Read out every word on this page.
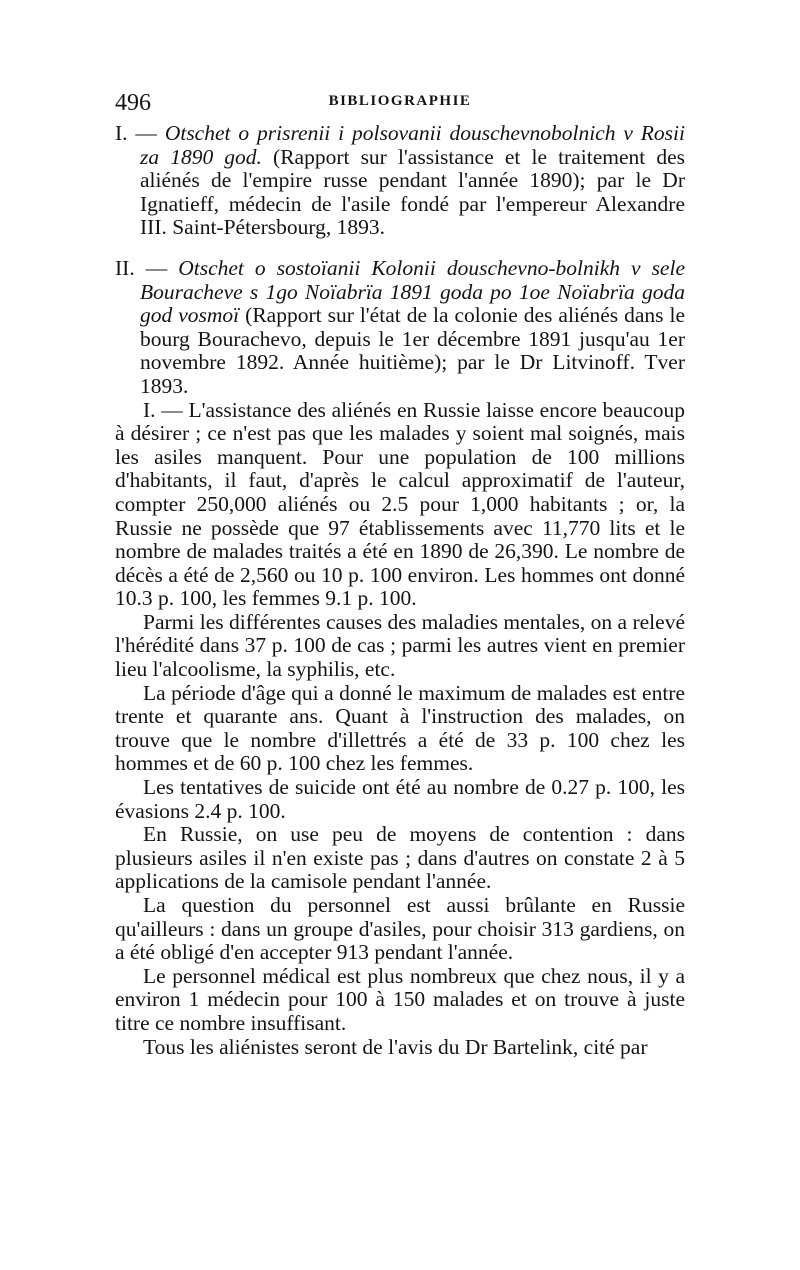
496	BIBLIOGRAPHIE

I. — Otschet o prisrenii i polsovanii douschevnobolnich v Rosii za 1890 god. (Rapport sur l'assistance et le traitement des aliénés de l'empire russe pendant l'année 1890); par le Dr Ignatieff, médecin de l'asile fondé par l'empereur Alexandre III. Saint-Pétersbourg, 1893.

II. — Otschet o sostoïanii Kolonii douschevno-bolnikh v sele Bouracheve s 1go Noïabrïa 1891 goda po 1oe Noïabrïa goda god vosmoï (Rapport sur l'état de la colonie des aliénés dans le bourg Bourachevo, depuis le 1er décembre 1891 jusqu'au 1er novembre 1892. Année huitième); par le Dr Litvinoff. Tver 1893.

I. — L'assistance des aliénés en Russie laisse encore beaucoup à désirer ; ce n'est pas que les malades y soient mal soignés, mais les asiles manquent. Pour une population de 100 millions d'habitants, il faut, d'après le calcul approximatif de l'auteur, compter 250,000 aliénés ou 2.5 pour 1,000 habitants ; or, la Russie ne possède que 97 établissements avec 11,770 lits et le nombre de malades traités a été en 1890 de 26,390. Le nombre de décès a été de 2,560 ou 10 p. 100 environ. Les hommes ont donné 10.3 p. 100, les femmes 9.1 p. 100.

Parmi les différentes causes des maladies mentales, on a relevé l'hérédité dans 37 p. 100 de cas ; parmi les autres vient en premier lieu l'alcoolisme, la syphilis, etc.

La période d'âge qui a donné le maximum de malades est entre trente et quarante ans. Quant à l'instruction des malades, on trouve que le nombre d'illettrés a été de 33 p. 100 chez les hommes et de 60 p. 100 chez les femmes.

Les tentatives de suicide ont été au nombre de 0.27 p. 100, les évasions 2.4 p. 100.

En Russie, on use peu de moyens de contention : dans plusieurs asiles il n'en existe pas ; dans d'autres on constate 2 à 5 applications de la camisole pendant l'année.

La question du personnel est aussi brûlante en Russie qu'ailleurs : dans un groupe d'asiles, pour choisir 313 gardiens, on a été obligé d'en accepter 913 pendant l'année.

Le personnel médical est plus nombreux que chez nous, il y a environ 1 médecin pour 100 à 150 malades et on trouve à juste titre ce nombre insuffisant.

Tous les aliénistes seront de l'avis du Dr Bartelink, cité par
